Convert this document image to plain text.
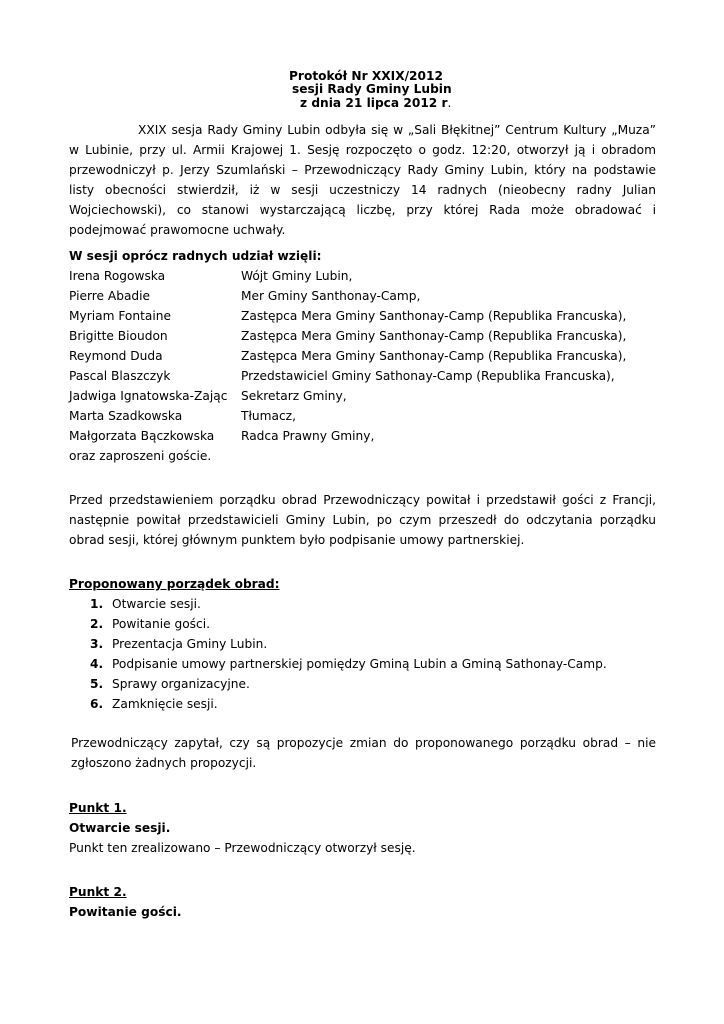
Protokół Nr XXIX/2012
sesji Rady Gminy Lubin
z dnia 21 lipca 2012 r.
XXIX sesja Rady Gminy Lubin odbyła się w „Sali Błękitnej” Centrum Kultury „Muza” w Lubinie, przy ul. Armii Krajowej 1. Sesję rozpoczęto o godz. 12:20, otworzył ją i obradom przewodniczył p. Jerzy Szumlański – Przewodniczący Rady Gminy Lubin, który na podstawie listy obecności stwierdził, iż w sesji uczestniczy 14 radnych (nieobecny radny Julian Wojciechowski), co stanowi wystarczającą liczbę, przy której Rada może obradować i podejmować prawomocne uchwały.
W sesji oprócz radnych udział wzięli:
Irena Rogowska	Wójt Gminy Lubin,
Pierre Abadie	Mer Gminy Santhonay-Camp,
Myriam Fontaine	Zastępca Mera Gminy Santhonay-Camp (Republika Francuska),
Brigitte Bioudon	Zastępca Mera Gminy Santhonay-Camp (Republika Francuska),
Reymond Duda	Zastępca Mera Gminy Santhonay-Camp (Republika Francuska),
Pascal Blaszczyk	Przedstawiciel Gminy Sathonay-Camp (Republika Francuska),
Jadwiga Ignatowska-Zając Sekretarz Gminy,
Marta Szadkowska	Tłumacz,
Małgorzata Bączkowska Radca Prawny Gminy,
oraz zaproszeni goście.
Przed przedstawieniem porządku obrad Przewodniczący powitał i przedstawił gości z Francji, następnie powitał przedstawicieli Gminy Lubin, po czym przeszedł do odczytania porządku obrad sesji, której głównym punktem było podpisanie umowy partnerskiej.
Proponowany porządek obrad:
1. Otwarcie sesji.
2. Powitanie gości.
3. Prezentacja Gminy Lubin.
4. Podpisanie umowy partnerskiej pomiędzy Gminą Lubin a Gminą Sathonay-Camp.
5. Sprawy organizacyjne.
6. Zamknięcie sesji.
Przewodniczący zapytał, czy są propozycje zmian do proponowanego porządku obrad – nie zgłoszono żadnych propozycji.
Punkt 1.
Otwarcie sesji.
Punkt ten zrealizowano – Przewodniczący otworzył sesję.
Punkt 2.
Powitanie gości.
